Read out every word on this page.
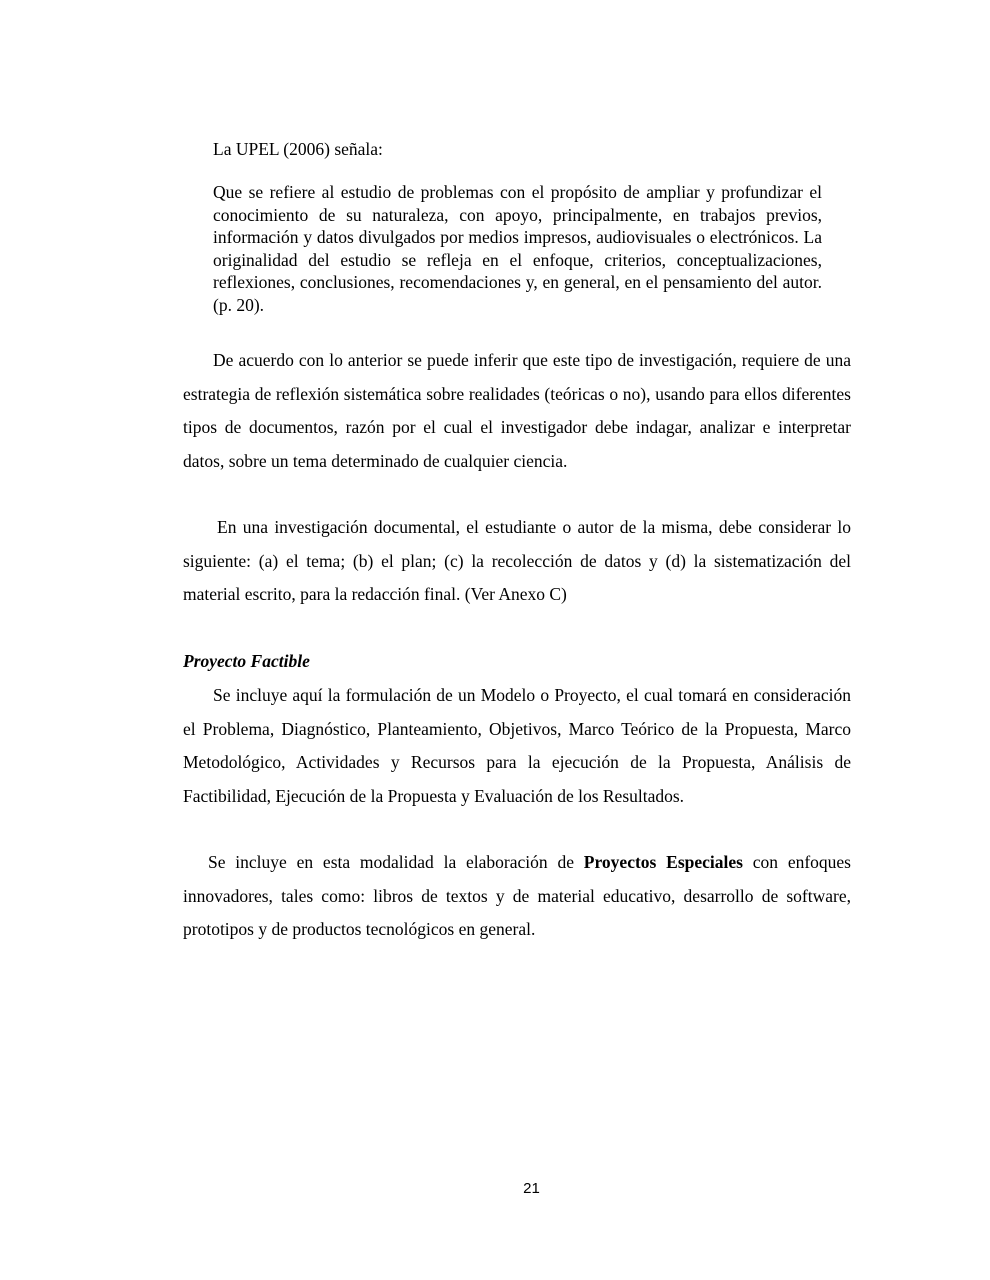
La UPEL (2006) señala:

Que se refiere al estudio de problemas con el propósito de ampliar y profundizar el conocimiento de su naturaleza, con apoyo, principalmente, en trabajos previos, información y datos divulgados por medios impresos, audiovisuales o electrónicos. La originalidad del estudio se refleja en el enfoque, criterios, conceptualizaciones, reflexiones, conclusiones, recomendaciones y, en general, en el pensamiento del autor. (p. 20).

De acuerdo con lo anterior se puede inferir que este tipo de investigación, requiere de una estrategia de reflexión sistemática sobre realidades (teóricas o no), usando para ellos diferentes tipos de documentos, razón por el cual el investigador debe indagar, analizar e interpretar datos, sobre un tema determinado de cualquier ciencia.

En una investigación documental, el estudiante o autor de la misma, debe considerar lo siguiente: (a) el tema; (b) el plan; (c) la recolección de datos y (d) la sistematización del material escrito, para la redacción final. (Ver Anexo C)

Proyecto Factible

Se incluye aquí la formulación de un Modelo o Proyecto, el cual tomará en consideración el Problema, Diagnóstico, Planteamiento, Objetivos, Marco Teórico de la Propuesta, Marco Metodológico, Actividades y Recursos para la ejecución de la Propuesta, Análisis de Factibilidad, Ejecución de la Propuesta y Evaluación de los Resultados.

Se incluye en esta modalidad la elaboración de Proyectos Especiales con enfoques innovadores, tales como: libros de textos y de material educativo, desarrollo de software, prototipos y de productos tecnológicos en general.

21
